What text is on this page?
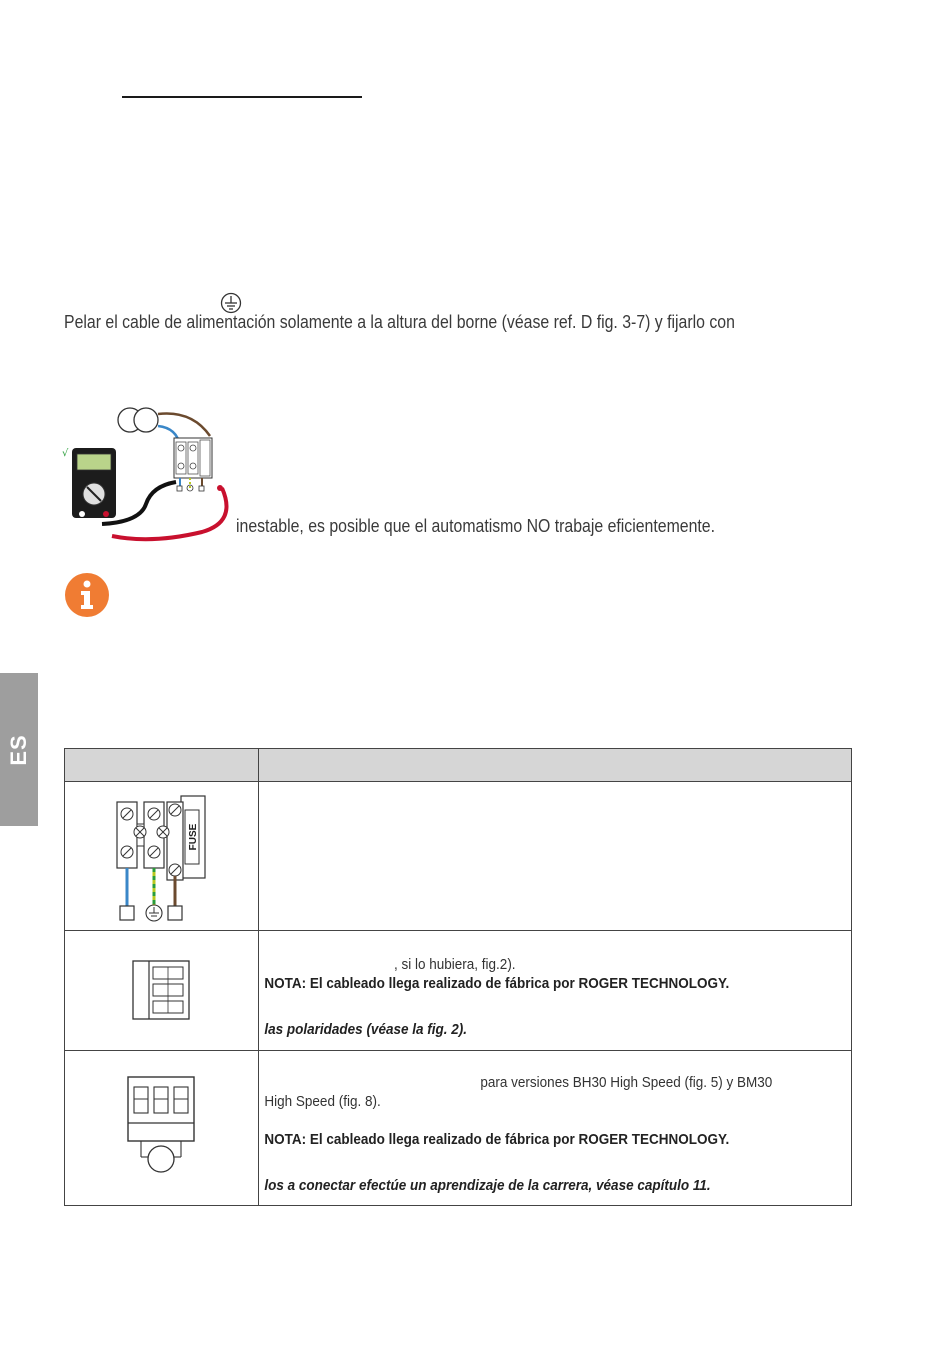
Pelar el cable de alimentación solamente a la altura del borne (véase ref. D fig. 3-7) y fijarlo con
√
inestable, es posible que el automatismo NO trabaje eficientemente.
ES

FUSE	

, si lo hubiera, fig.2).
NOTA: El cableado llega realizado de fábrica por ROGER TECHNOLOGY.
las polaridades (véase la fig. 2).

para versiones BH30 High Speed (fig. 5) y BM30
High Speed (fig. 8).
NOTA: El cableado llega realizado de fábrica por ROGER TECHNOLOGY.
los a conectar efectúe un aprendizaje de la carrera, véase capítulo 11.
